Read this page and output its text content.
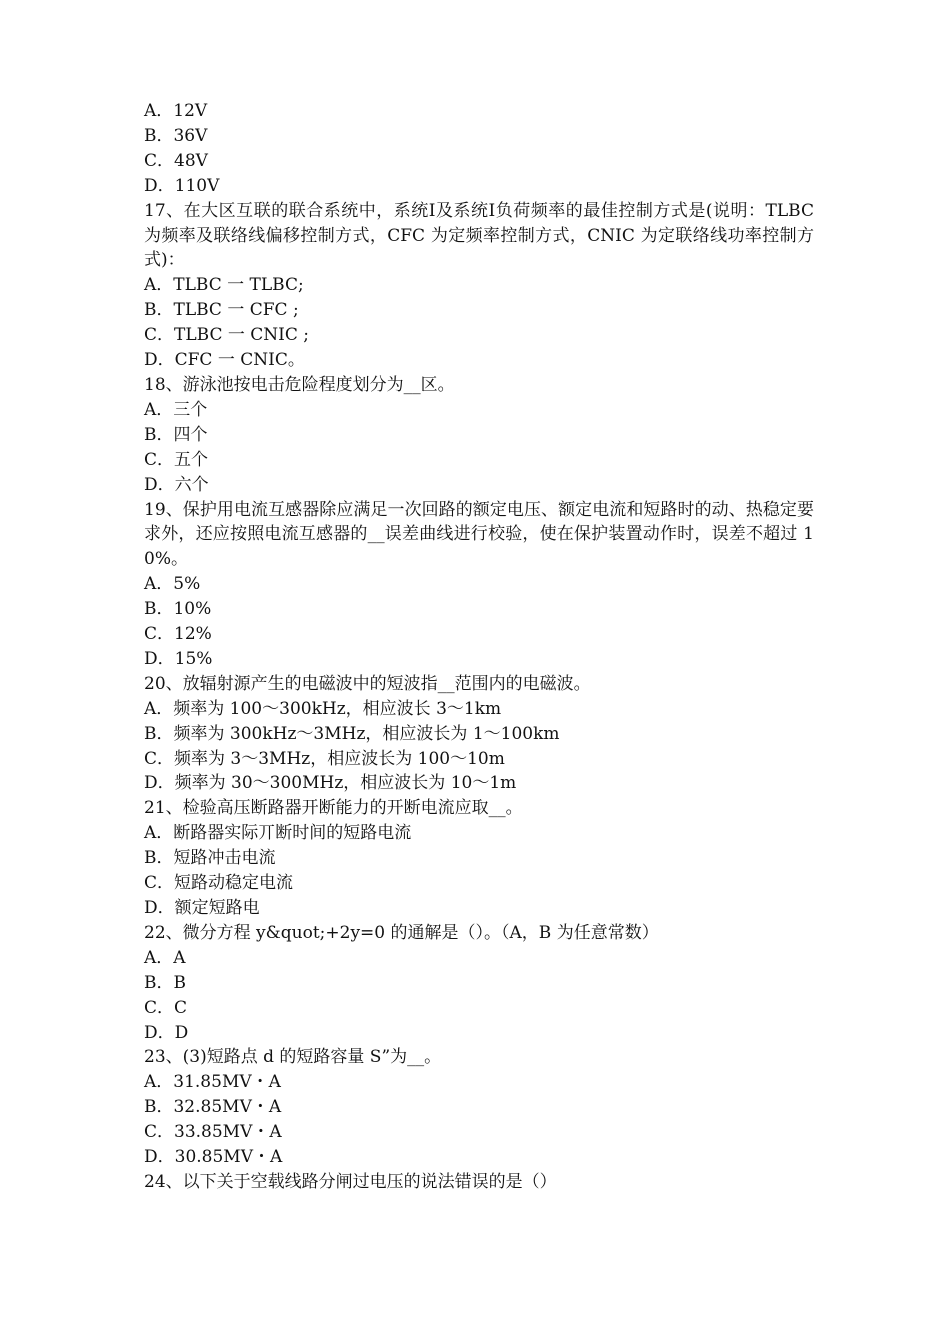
A．12V
B．36V
C．48V
D．110V
17、在大区互联的联合系统中，系统Ⅰ及系统Ⅰ负荷频率的最佳控制方式是(说明：TLBC 为频率及联络线偏移控制方式，CFC 为定频率控制方式，CNIC 为定联络线功率控制方式)：
A．TLBC 一 TLBC;
B．TLBC 一 CFC ;
C．TLBC 一 CNIC ;
D．CFC 一 CNIC。
18、游泳池按电击危险程度划分为__区。
A．三个
B．四个
C．五个
D．六个
19、保护用电流互感器除应满足一次回路的额定电压、额定电流和短路时的动、热稳定要求外，还应按照电流互感器的__误差曲线进行校验，使在保护装置动作时，误差不超过 10%。
A．5%
B．10%
C．12%
D．15%
20、放辐射源产生的电磁波中的短波指__范围内的电磁波。
A．频率为 100～300kHz，相应波长 3～1km
B．频率为 300kHz～3MHz，相应波长为 1～100km
C．频率为 3～3MHz，相应波长为 100～10m
D．频率为 30～300MHz，相应波长为 10～1m
21、检验高压断路器开断能力的开断电流应取__。
A．断路器实际丌断时间的短路电流
B．短路冲击电流
C．短路动稳定电流
D．额定短路电
22、微分方程 y&quot;+2y=0 的通解是（）。（A，B 为任意常数）
A．A
B．B
C．C
D．D
23、(3)短路点 d 的短路容量 S”为__。
A．31.85MV・A
B．32.85MV・A
C．33.85MV・A
D．30.85MV・A
24、以下关于空载线路分闸过电压的说法错误的是（）
